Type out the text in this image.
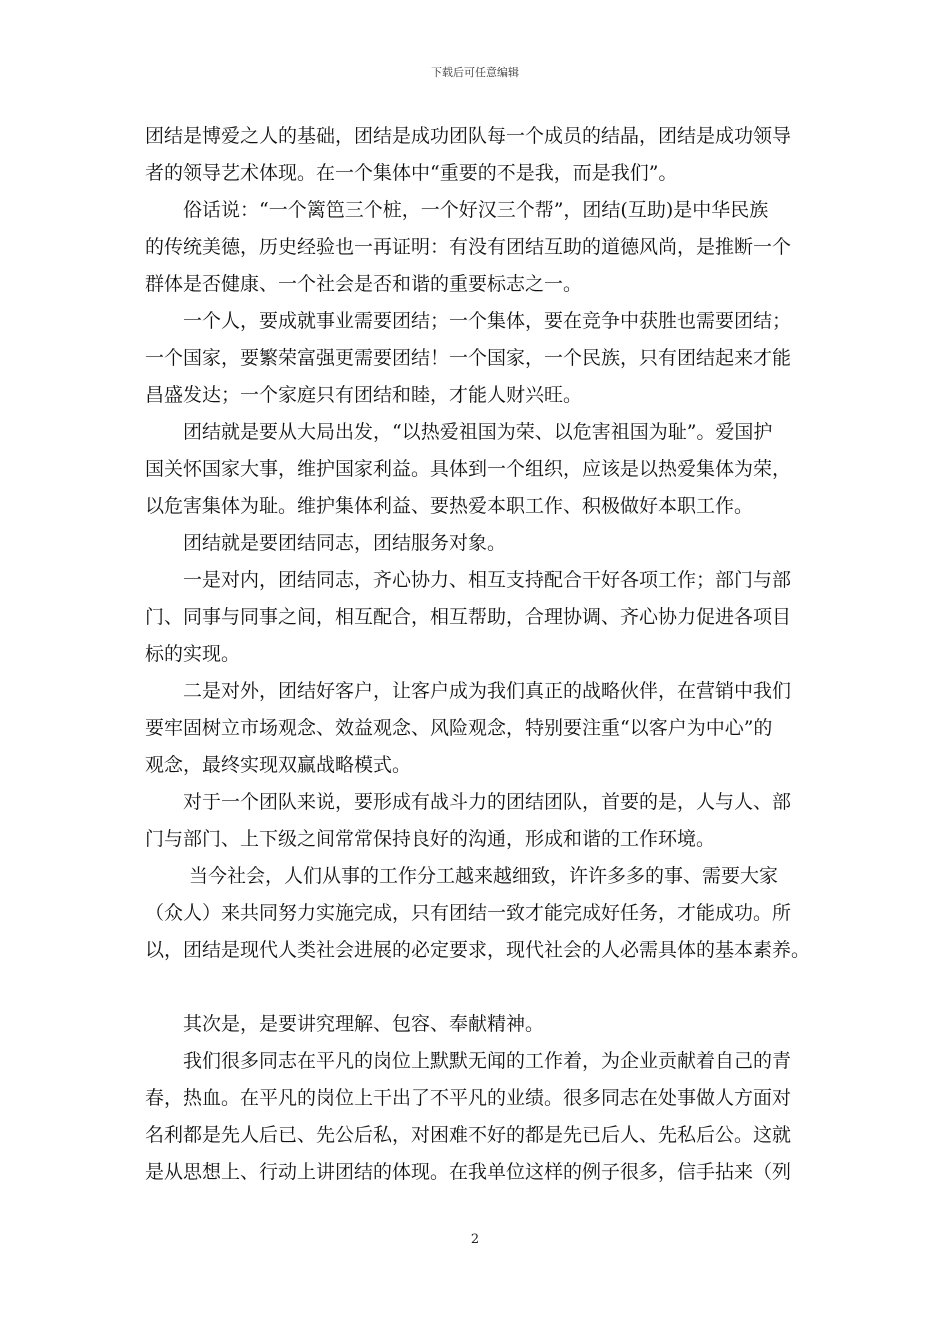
下载后可任意编辑
团结是博爱之人的基础，团结是成功团队每一个成员的结晶，团结是成功领导
者的领导艺术体现。在一个集体中“重要的不是我，而是我们”。
俗话说：“一个篱笆三个桩，一个好汉三个帮”，团结(互助)是中华民族
的传统美德，历史经验也一再证明：有没有团结互助的道德风尚，是推断一个
群体是否健康、一个社会是否和谐的重要标志之一。
一个人，要成就事业需要团结；一个集体，要在竞争中获胜也需要团结；
一个国家，要繁荣富强更需要团结！一个国家，一个民族，只有团结起来才能
昌盛发达；一个家庭只有团结和睦，才能人财兴旺。
团结就是要从大局出发，“以热爱祖国为荣、以危害祖国为耻”。爱国护
国关怀国家大事，维护国家利益。具体到一个组织，应该是以热爱集体为荣，
以危害集体为耻。维护集体利益、要热爱本职工作、积极做好本职工作。
团结就是要团结同志，团结服务对象。
一是对内，团结同志，齐心协力、相互支持配合干好各项工作；部门与部
门、同事与同事之间，相互配合，相互帮助，合理协调、齐心协力促进各项目
标的实现。
二是对外，团结好客户，让客户成为我们真正的战略伙伴，在营销中我们
要牢固树立市场观念、效益观念、风险观念，特别要注重“以客户为中心”的
观念，最终实现双赢战略模式。
对于一个团队来说，要形成有战斗力的团结团队，首要的是，人与人、部
门与部门、上下级之间常常保持良好的沟通，形成和谐的工作环境。
当今社会，人们从事的工作分工越来越细致，许许多多的事、需要大家
（众人）来共同努力实施完成，只有团结一致才能完成好任务，才能成功。所
以，团结是现代人类社会进展的必定要求，现代社会的人必需具体的基本素养。
其次是，是要讲究理解、包容、奉献精神。
我们很多同志在平凡的岗位上默默无闻的工作着，为企业贡献着自己的青
春，热血。在平凡的岗位上干出了不平凡的业绩。很多同志在处事做人方面对
名利都是先人后已、先公后私，对困难不好的都是先已后人、先私后公。这就
是从思想上、行动上讲团结的体现。在我单位这样的例子很多，信手拈来（列
2
